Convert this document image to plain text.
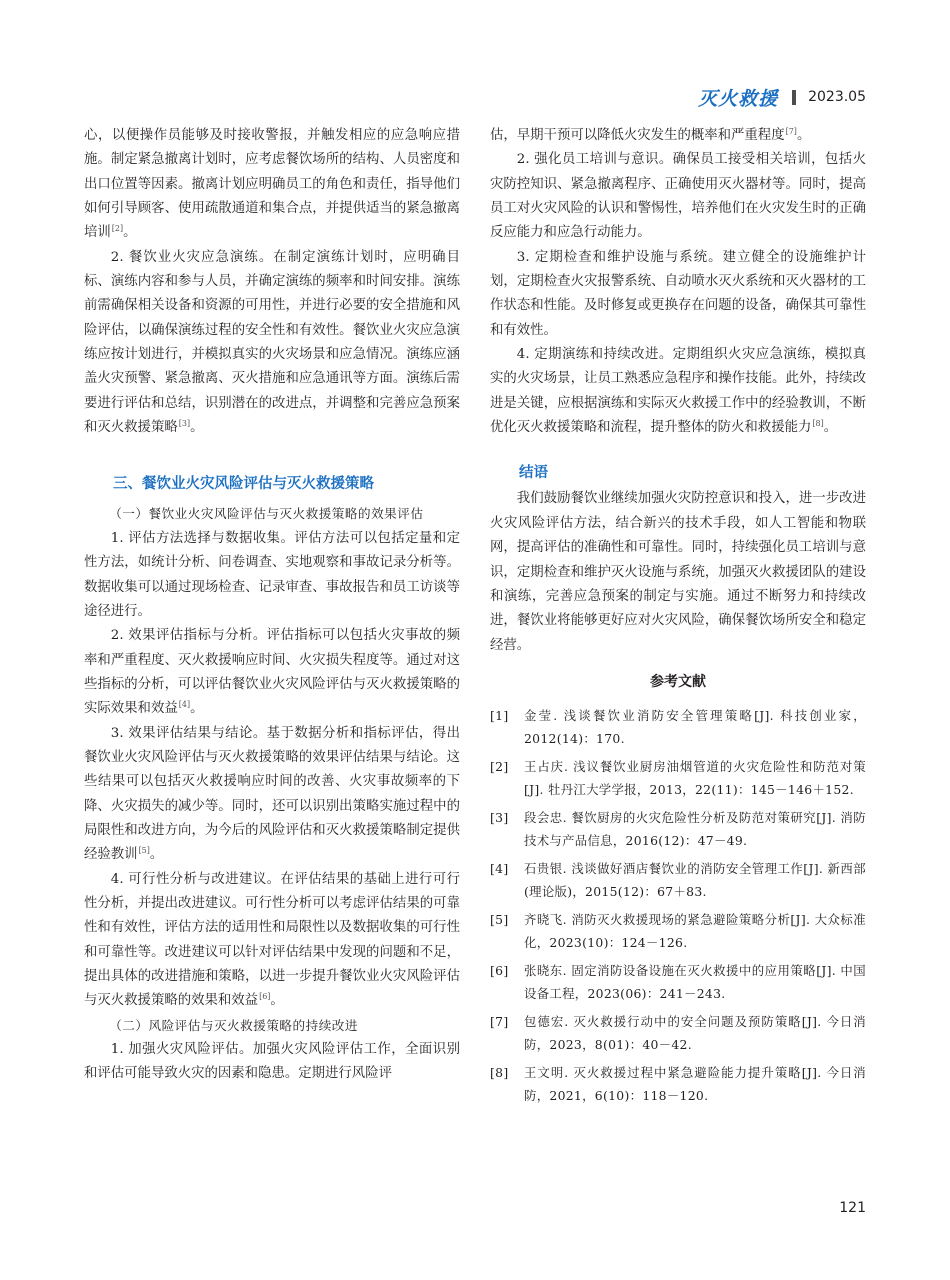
灭火救援 2023.05

心，以便操作员能够及时接收警报，并触发相应的应急响应措施。制定紧急撤离计划时，应考虑餐饮场所的结构、人员密度和出口位置等因素。撤离计划应明确员工的角色和责任，指导他们如何引导顾客、使用疏散通道和集合点，并提供适当的紧急撤离培训[2]。

2. 餐饮业火灾应急演练。在制定演练计划时，应明确目标、演练内容和参与人员，并确定演练的频率和时间安排。演练前需确保相关设备和资源的可用性，并进行必要的安全措施和风险评估，以确保演练过程的安全性和有效性。餐饮业火灾应急演练应按计划进行，并模拟真实的火灾场景和应急情况。演练应涵盖火灾预警、紧急撤离、灭火措施和应急通讯等方面。演练后需要进行评估和总结，识别潜在的改进点，并调整和完善应急预案和灭火救援策略[3]。

三、餐饮业火灾风险评估与灭火救援策略

（一）餐饮业火灾风险评估与灭火救援策略的效果评估

1. 评估方法选择与数据收集。评估方法可以包括定量和定性方法，如统计分析、问卷调查、实地观察和事故记录分析等。数据收集可以通过现场检查、记录审查、事故报告和员工访谈等途径进行。

2. 效果评估指标与分析。评估指标可以包括火灾事故的频率和严重程度、灭火救援响应时间、火灾损失程度等。通过对这些指标的分析，可以评估餐饮业火灾风险评估与灭火救援策略的实际效果和效益[4]。

3. 效果评估结果与结论。基于数据分析和指标评估，得出餐饮业火灾风险评估与灭火救援策略的效果评估结果与结论。这些结果可以包括灭火救援响应时间的改善、火灾事故频率的下降、火灾损失的减少等。同时，还可以识别出策略实施过程中的局限性和改进方向，为今后的风险评估和灭火救援策略制定提供经验教训[5]。

4. 可行性分析与改进建议。在评估结果的基础上进行可行性分析，并提出改进建议。可行性分析可以考虑评估结果的可靠性和有效性，评估方法的适用性和局限性以及数据收集的可行性和可靠性等。改进建议可以针对评估结果中发现的问题和不足，提出具体的改进措施和策略，以进一步提升餐饮业火灾风险评估与灭火救援策略的效果和效益[6]。

（二）风险评估与灭火救援策略的持续改进

1. 加强火灾风险评估。加强火灾风险评估工作，全面识别和评估可能导致火灾的因素和隐患。定期进行风险评

估，早期干预可以降低火灾发生的概率和严重程度[7]。

2. 强化员工培训与意识。确保员工接受相关培训，包括火灾防控知识、紧急撤离程序、正确使用灭火器材等。同时，提高员工对火灾风险的认识和警惕性，培养他们在火灾发生时的正确反应能力和应急行动能力。

3. 定期检查和维护设施与系统。建立健全的设施维护计划，定期检查火灾报警系统、自动喷水灭火系统和灭火器材的工作状态和性能。及时修复或更换存在问题的设备，确保其可靠性和有效性。

4. 定期演练和持续改进。定期组织火灾应急演练，模拟真实的火灾场景，让员工熟悉应急程序和操作技能。此外，持续改进是关键，应根据演练和实际灭火救援工作中的经验教训，不断优化灭火救援策略和流程，提升整体的防火和救援能力[8]。

结语

我们鼓励餐饮业继续加强火灾防控意识和投入，进一步改进火灾风险评估方法，结合新兴的技术手段，如人工智能和物联网，提高评估的准确性和可靠性。同时，持续强化员工培训与意识，定期检查和维护灭火设施与系统，加强灭火救援团队的建设和演练，完善应急预案的制定与实施。通过不断努力和持续改进，餐饮业将能够更好应对火灾风险，确保餐饮场所安全和稳定经营。

参考文献
[1]	金莹. 浅谈餐饮业消防安全管理策略[J]. 科技创业家，2012(14)：170.
[2]	王占庆. 浅议餐饮业厨房油烟管道的火灾危险性和防范对策[J]. 牡丹江大学学报，2013，22(11)：145－146＋152.
[3]	段会忠. 餐饮厨房的火灾危险性分析及防范对策研究[J]. 消防技术与产品信息，2016(12)：47－49.
[4]	石贵银. 浅谈做好酒店餐饮业的消防安全管理工作[J]. 新西部(理论版)，2015(12)：67＋83.
[5]	齐晓飞. 消防灭火救援现场的紧急避险策略分析[J]. 大众标准化，2023(10)：124－126.
[6]	张晓东. 固定消防设备设施在灭火救援中的应用策略[J]. 中国设备工程，2023(06)：241－243.
[7]	包德宏. 灭火救援行动中的安全问题及预防策略[J]. 今日消防，2023，8(01)：40－42.
[8]	王文明. 灭火救援过程中紧急避险能力提升策略[J]. 今日消防，2021，6(10)：118－120.
121
